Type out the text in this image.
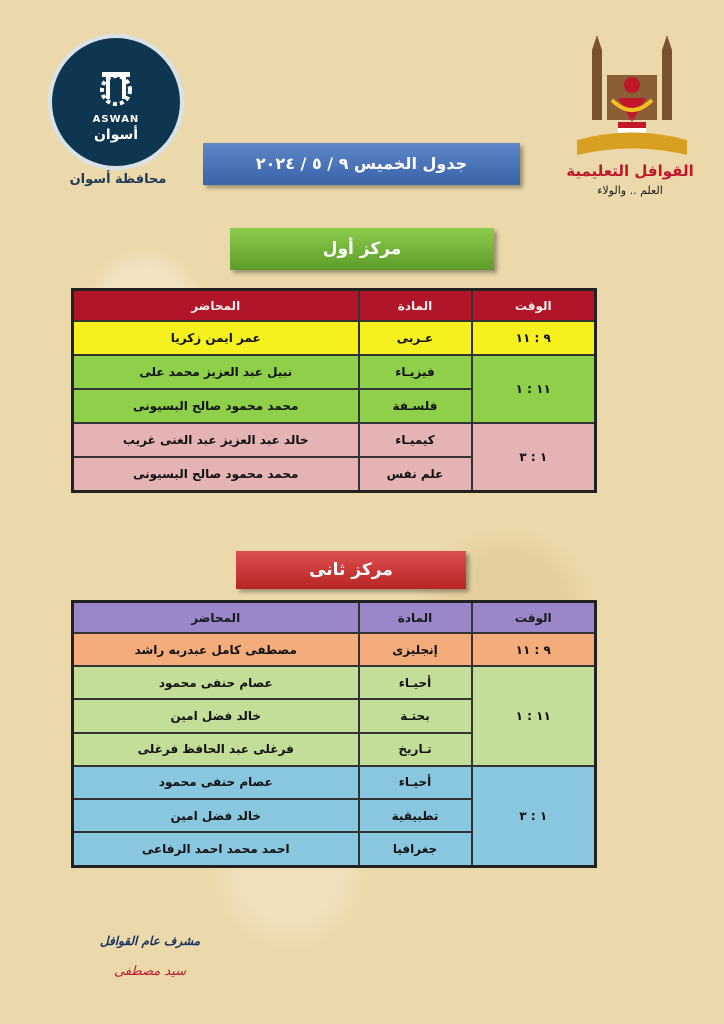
ASWAN
أسوان
محافظة أسوان	القوافل التعليمية
العلم .. والولاء
جدول الخميس ٩ / ٥ / ٢٠٢٤
مركز أول
الوقت	المادة	المحاضر
٩ : ١١	عـربى	عمر ايمن زكريا
١١ : ١	فيزيـاء	نبيل عبد العزيز محمد على
	فلسـفة	محمد محمود صالح البسيونى
١ : ٣	كيميـاء	خالد عبد العزيز عبد الغنى غريب
	علم نفس	محمد محمود صالح البسيونى
مركز ثانى
الوقت	المادة	المحاضر
٩ : ١١	إنجليزى	مصطفى كامل عبدربه راشد
١١ : ١	أحيـاء	عصام حنفى محمود
	بحتـة	خالد فضل امين
	تـاريخ	فرغلى عبد الحافظ فرغلى
١ : ٣	أحيـاء	عصام حنفى محمود
	تطبيقية	خالد فضل امين
	جغرافيا	احمد محمد احمد الرفاعى
مشرف عام القوافل
سيد مصطفى
